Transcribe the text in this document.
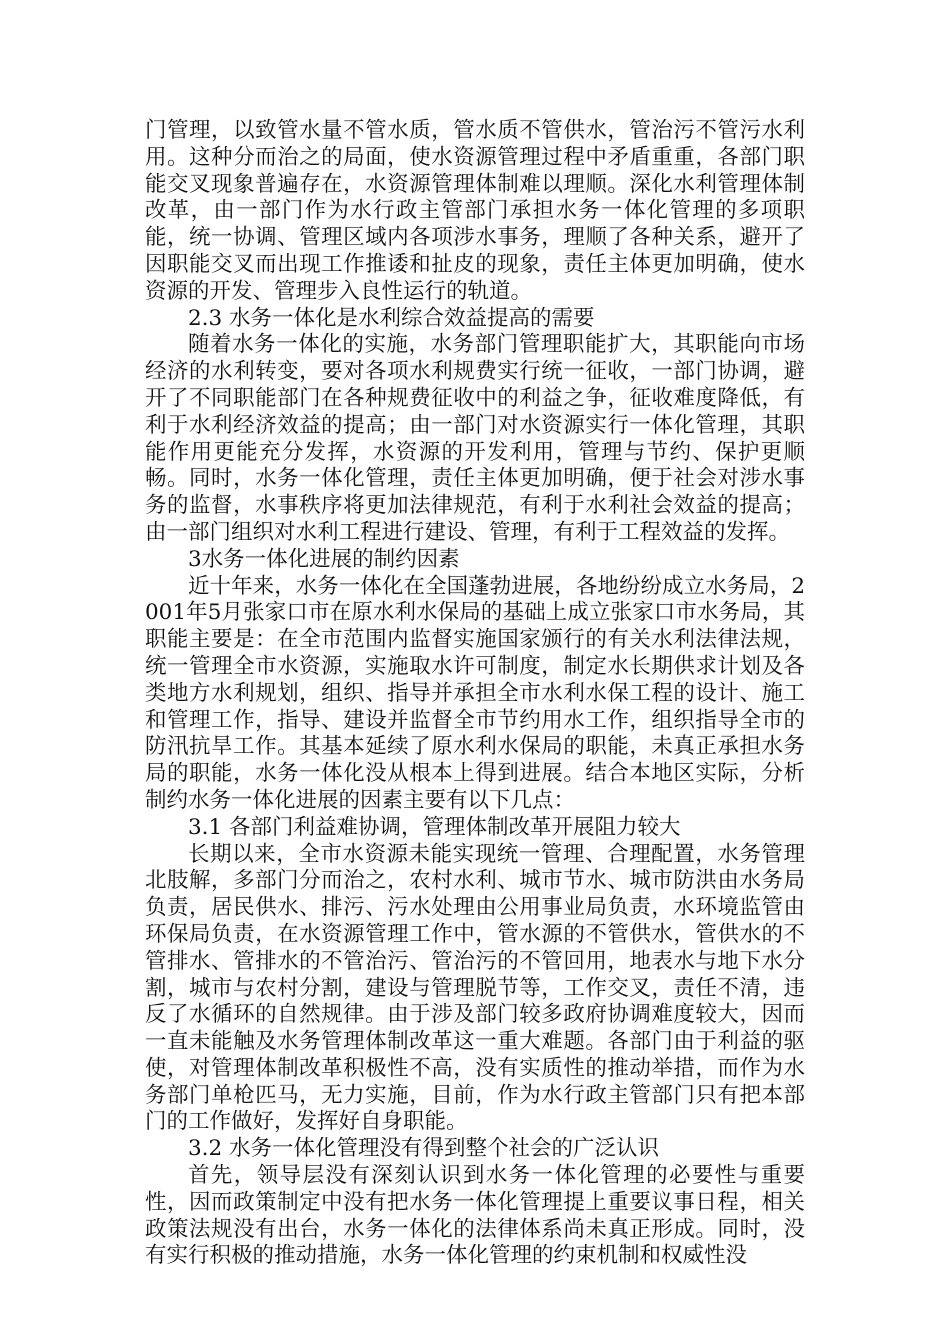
门管理，以致管水量不管水质，管水质不管供水，管治污不管污水利用。这种分而治之的局面，使水资源管理过程中矛盾重重，各部门职能交叉现象普遍存在，水资源管理体制难以理顺。深化水利管理体制改革，由一部门作为水行政主管部门承担水务一体化管理的多项职能，统一协调、管理区域内各项涉水事务，理顺了各种关系，避开了因职能交叉而出现工作推诿和扯皮的现象，责任主体更加明确，使水资源的开发、管理步入良性运行的轨道。

2.3 水务一体化是水利综合效益提高的需要

随着水务一体化的实施，水务部门管理职能扩大，其职能向市场经济的水利转变，要对各项水利规费实行统一征收，一部门协调，避开了不同职能部门在各种规费征收中的利益之争，征收难度降低，有利于水利经济效益的提高；由一部门对水资源实行一体化管理，其职能作用更能充分发挥，水资源的开发利用，管理与节约、保护更顺畅。同时，水务一体化管理，责任主体更加明确，便于社会对涉水事务的监督，水事秩序将更加法律规范，有利于水利社会效益的提高；由一部门组织对水利工程进行建设、管理，有利于工程效益的发挥。

3水务一体化进展的制约因素

近十年来，水务一体化在全国蓬勃进展，各地纷纷成立水务局，2001年5月张家口市在原水利水保局的基础上成立张家口市水务局，其职能主要是：在全市范围内监督实施国家颁行的有关水利法律法规，统一管理全市水资源，实施取水许可制度，制定水长期供求计划及各类地方水利规划，组织、指导并承担全市水利水保工程的设计、施工和管理工作，指导、建设并监督全市节约用水工作，组织指导全市的防汛抗旱工作。其基本延续了原水利水保局的职能，未真正承担水务局的职能，水务一体化没从根本上得到进展。结合本地区实际，分析制约水务一体化进展的因素主要有以下几点：

3.1 各部门利益难协调，管理体制改革开展阻力较大

长期以来，全市水资源未能实现统一管理、合理配置，水务管理北肢解，多部门分而治之，农村水利、城市节水、城市防洪由水务局负责，居民供水、排污、污水处理由公用事业局负责，水环境监管由环保局负责，在水资源管理工作中，管水源的不管供水，管供水的不管排水、管排水的不管治污、管治污的不管回用，地表水与地下水分割，城市与农村分割，建设与管理脱节等，工作交叉，责任不清，违反了水循环的自然规律。由于涉及部门较多政府协调难度较大，因而一直未能触及水务管理体制改革这一重大难题。各部门由于利益的驱使，对管理体制改革积极性不高，没有实质性的推动举措，而作为水务部门单枪匹马，无力实施，目前，作为水行政主管部门只有把本部门的工作做好，发挥好自身职能。

3.2 水务一体化管理没有得到整个社会的广泛认识

首先，领导层没有深刻认识到水务一体化管理的必要性与重要性，因而政策制定中没有把水务一体化管理提上重要议事日程，相关政策法规没有出台，水务一体化的法律体系尚未真正形成。同时，没有实行积极的推动措施，水务一体化管理的约束机制和权威性没
